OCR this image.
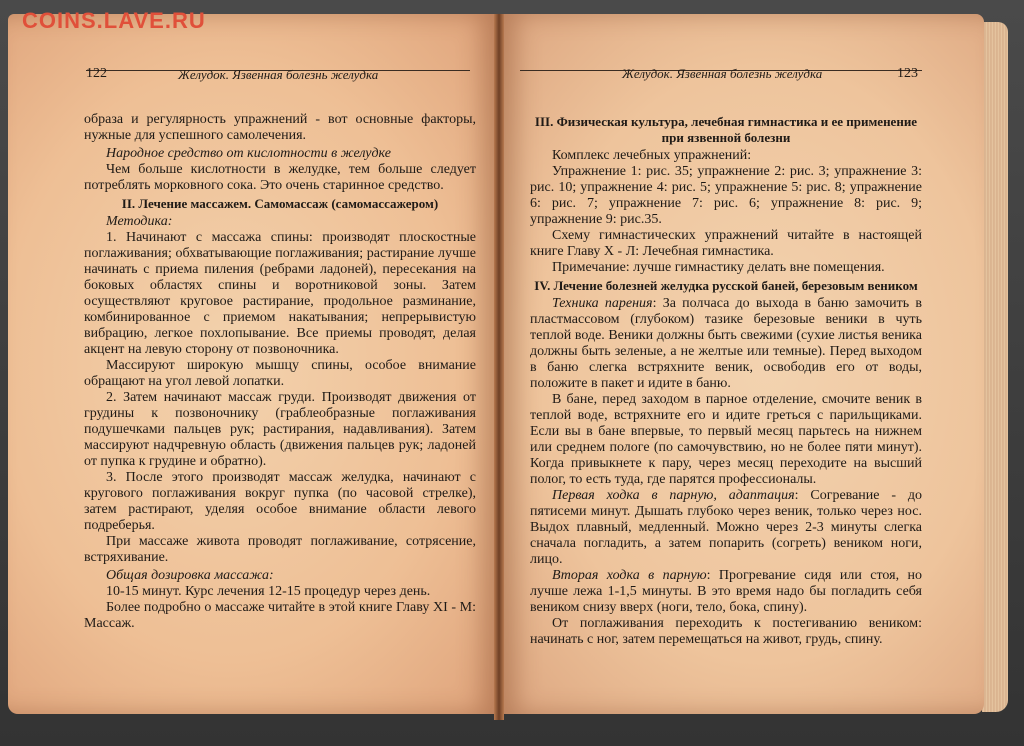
122	Желудок. Язвенная болезнь желудка

образа и регулярность упражнений - вот основные факторы, нужные для успешного самолечения.

Народное средство от кислотности в желудке

Чем больше кислотности в желудке, тем больше следует потреблять морковного сока. Это очень старинное средство.

II. Лечение массажем. Самомассаж (самомассажером)

Методика:

1. Начинают с массажа спины: производят плоскостные поглаживания; обхватывающие поглаживания; растирание лучше начинать с приема пиления (ребрами ладоней), пересекания на боковых областях спины и воротниковой зоны. Затем осуществляют круговое растирание, продольное разминание, комбинированное с приемом накатывания; непрерывистую вибрацию, легкое похлопывание. Все приемы проводят, делая акцент на левую сторону от позвоночника.

Массируют широкую мышцу спины, особое внимание обращают на угол левой лопатки.

2. Затем начинают массаж груди. Производят движения от грудины к позвоночнику (граблеобразные поглаживания подушечками пальцев рук; растирания, надавливания). Затем массируют надчревную область (движения пальцев рук; ладоней от пупка к грудине и обратно).

3. После этого производят массаж желудка, начинают с кругового поглаживания вокруг пупка (по часовой стрелке), затем растирают, уделяя особое внимание области левого подреберья.

При массаже живота проводят поглаживание, сотрясение, встряхивание.

Общая дозировка массажа:

10-15 минут. Курс лечения 12-15 процедур через день.

Более подробно о массаже читайте в этой книге Главу XI - М: Массаж.

Желудок. Язвенная болезнь желудка	123

III. Физическая культура, лечебная гимнастика и ее применение при язвенной болезни

Комплекс лечебных упражнений:

Упражнение 1: рис. 35; упражнение 2: рис. 3; упражнение 3: рис. 10; упражнение 4: рис. 5; упражнение 5: рис. 8; упражнение 6: рис. 7; упражнение 7: рис. 6; упражнение 8: рис. 9; упражнение 9: рис.35.

Схему гимнастических упражнений читайте в настоящей книге Главу X - Л: Лечебная гимнастика.

Примечание: лучше гимнастику делать вне помещения.

IV. Лечение болезней желудка русской баней, березовым веником

Техника парения: За полчаса до выхода в баню замочить в пластмассовом (глубоком) тазике березовые веники в чуть теплой воде. Веники должны быть свежими (сухие листья веника должны быть зеленые, а не желтые или темные). Перед выходом в баню слегка встряхните веник, освободив его от воды, положите в пакет и идите в баню.

В бане, перед заходом в парное отделение, смочите веник в теплой воде, встряхните его и идите греться с парильщиками. Если вы в бане впервые, то первый месяц парьтесь на нижнем или среднем пологе (по самочувствию, но не более пяти минут). Когда привыкнете к пару, через месяц переходите на высший полог, то есть туда, где парятся профессионалы.

Первая ходка в парную, адаптация: Согревание - до пятисеми минут. Дышать глубоко через веник, только через нос. Выдох плавный, медленный. Можно через 2-3 минуты слегка сначала погладить, а затем попарить (согреть) веником ноги, лицо.

Вторая ходка в парную: Прогревание сидя или стоя, но лучше лежа 1-1,5 минуты. В это время надо бы погладить себя веником снизу вверх (ноги, тело, бока, спину).

От поглаживания переходить к постегиванию веником: начинать с ног, затем перемещаться на живот, грудь, спину.

COINS.LAVE.RU
